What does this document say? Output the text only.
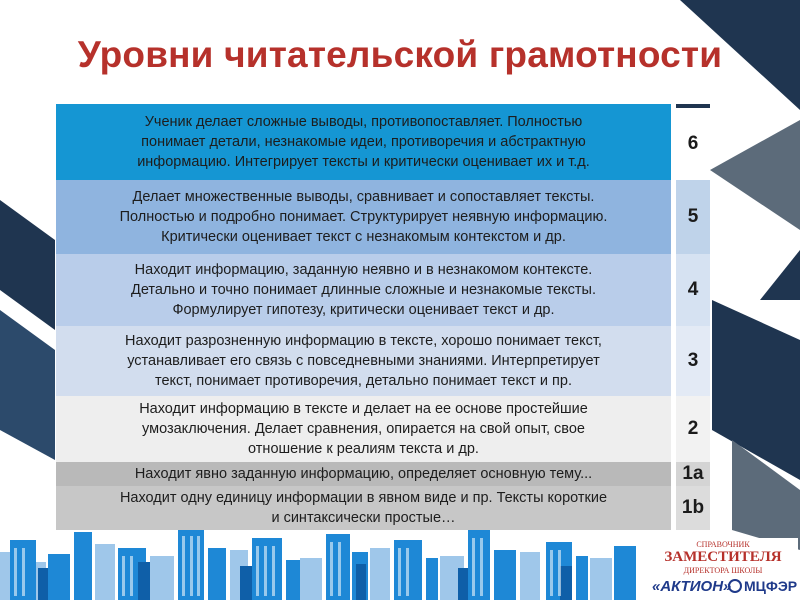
Уровни читательской грамотности
Ученик делает сложные выводы, противопоставляет. Полностью
понимает детали, незнакомые идеи, противоречия и абстрактную
информацию. Интегрирует тексты и критически оценивает их и т.д.
6
Делает множественные выводы, сравнивает и сопоставляет тексты.
Полностью и подробно понимает. Структурирует неявную информацию.
Критически оценивает текст с незнакомым контекстом и др.
5
Находит информацию, заданную неявно и в незнакомом контексте.
Детально и точно понимает длинные сложные и незнакомые тексты.
Формулирует гипотезу, критически оценивает текст и др.
4
Находит разрозненную информацию в тексте, хорошо понимает текст,
устанавливает его связь с повседневными знаниями. Интерпретирует
текст, понимает противоречия, детально понимает текст и пр.
3
Находит информацию в тексте и делает на ее основе простейшие
умозаключения. Делает сравнения, опирается на свой опыт, свое
отношение к реалиям текста и др.
2
Находит явно заданную информацию, определяет основную тему...	1a
Находит одну единицу информации в явном виде и пр. Тексты короткие
и синтаксически простые…	1b
СПРАВОЧНИК
ЗАМЕСТИТЕЛЯ
ДИРЕКТОРА ШКОЛЫ
«АКТИОН» МЦФЭР
